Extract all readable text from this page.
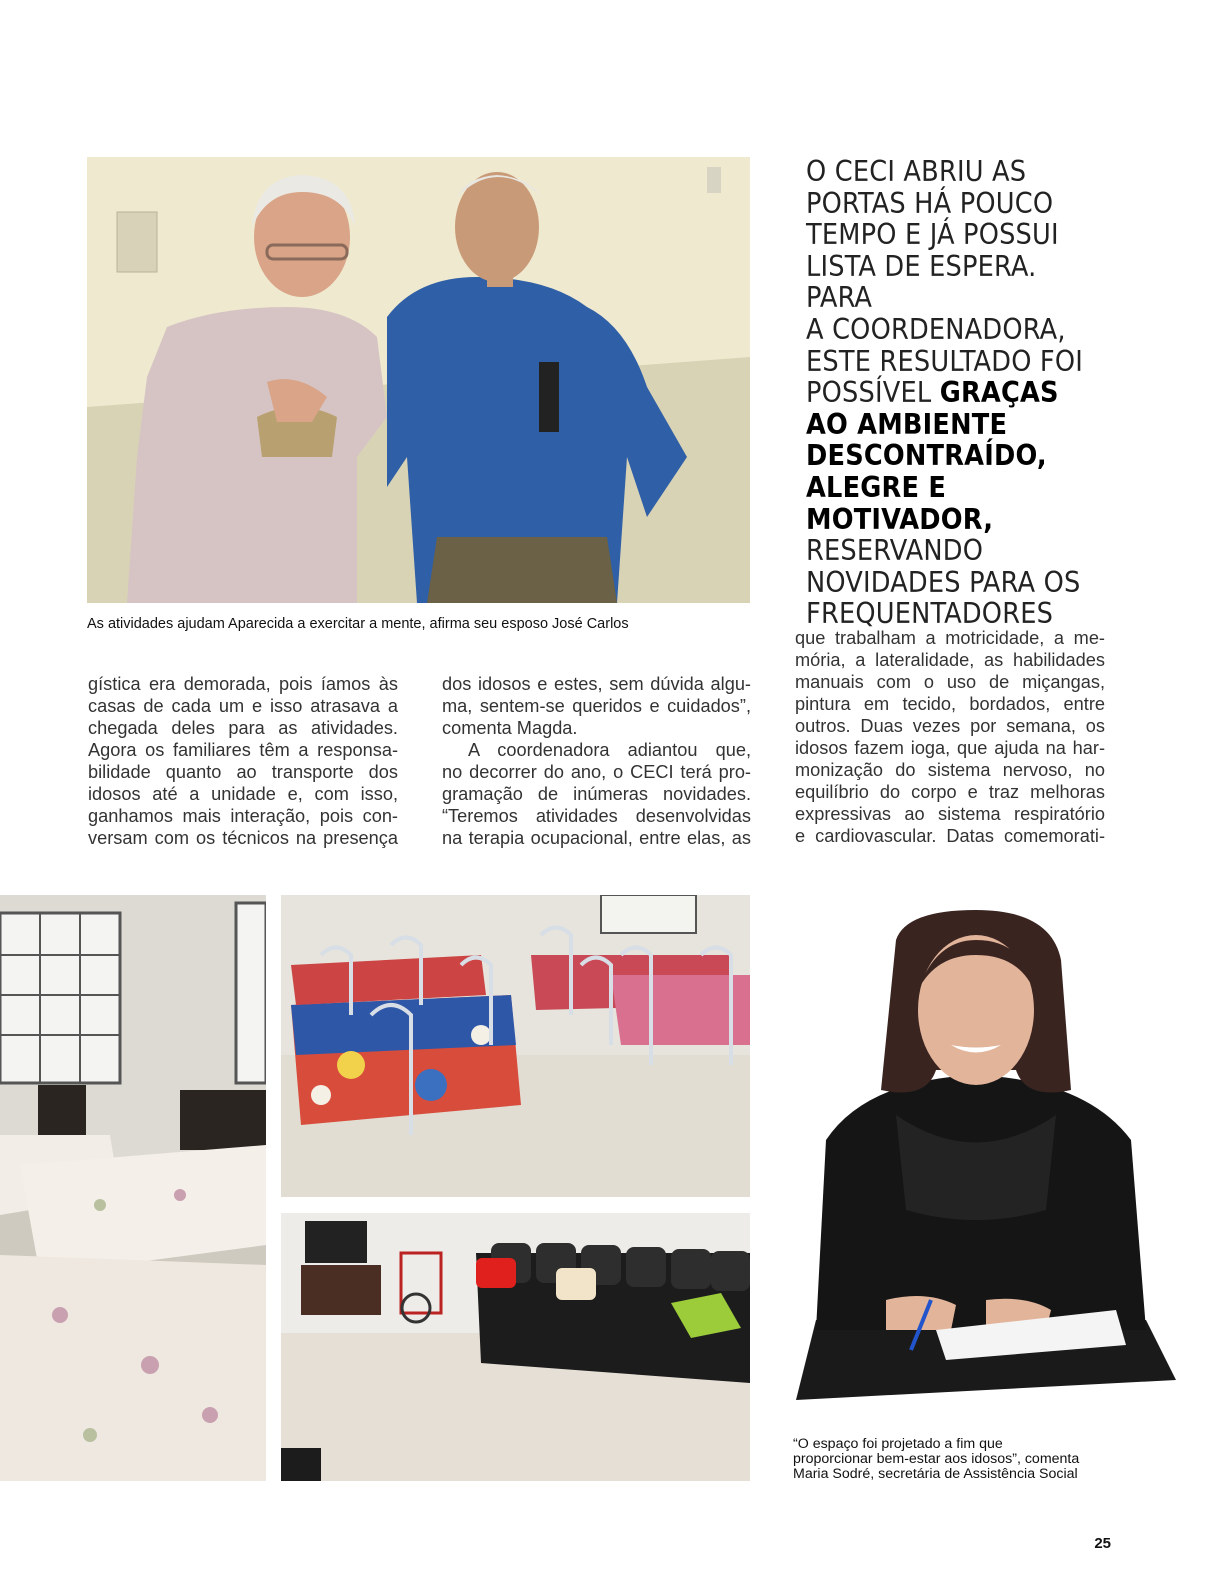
As atividades ajudam Aparecida a exercitar a mente, afirma seu esposo José Carlos
O CECI ABRIU AS
PORTAS HÁ POUCO
TEMPO E JÁ POSSUI
LISTA DE ESPERA. PARA
A COORDENADORA,
ESTE RESULTADO FOI
POSSÍVEL GRAÇAS
AO AMBIENTE
DESCONTRAÍDO,
ALEGRE E
MOTIVADOR,
RESERVANDO
NOVIDADES PARA OS
FREQUENTADORES
gística era demorada, pois íamos às
casas de cada um e isso atrasava a
chegada deles para as atividades.
Agora os familiares têm a responsa-
bilidade quanto ao transporte dos
idosos até a unidade e, com isso,
ganhamos mais interação, pois con-
versam com os técnicos na presença
dos idosos e estes, sem dúvida algu-
ma, sentem-se queridos e cuidados”,
comenta Magda.
A coordenadora adiantou que,
no decorrer do ano, o CECI terá pro-
gramação de inúmeras novidades.
“Teremos atividades desenvolvidas
na terapia ocupacional, entre elas, as
que trabalham a motricidade, a me-
mória, a lateralidade, as habilidades
manuais com o uso de miçangas,
pintura em tecido, bordados, entre
outros. Duas vezes por semana, os
idosos fazem ioga, que ajuda na har-
monização do sistema nervoso, no
equilíbrio do corpo e traz melhoras
expressivas ao sistema respiratório
e cardiovascular. Datas comemorati-
“O espaço foi projetado a fim que
proporcionar bem-estar aos idosos”, comenta
Maria Sodré, secretária de Assistência Social
25
